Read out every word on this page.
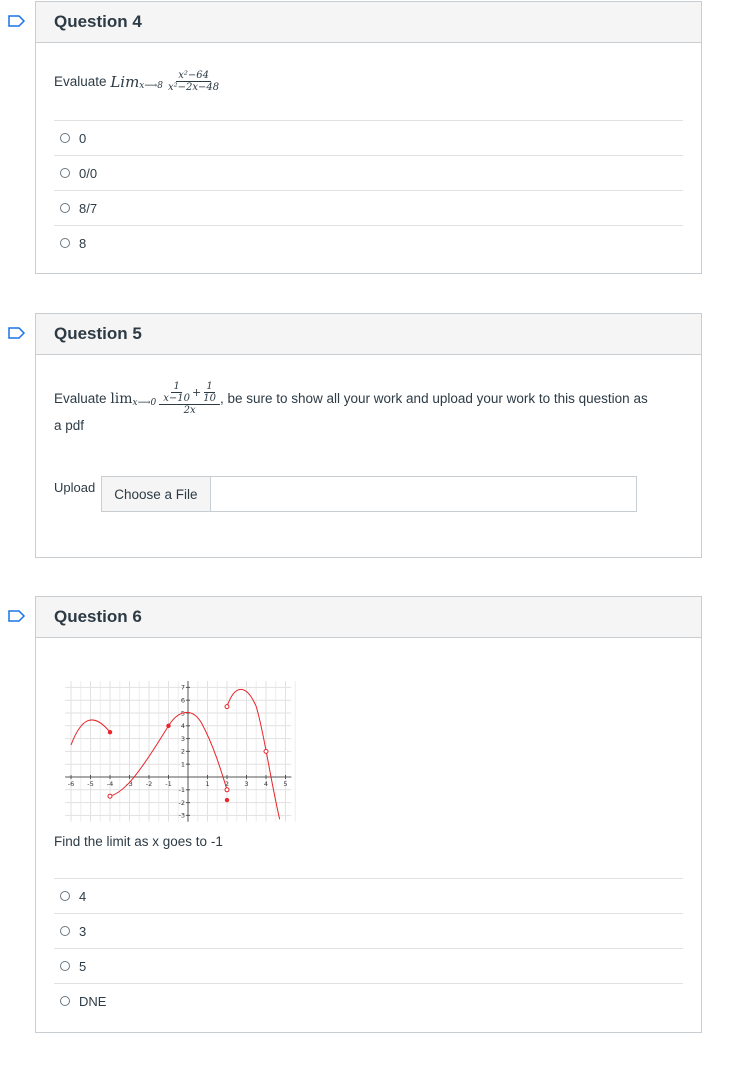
Question 4
Evaluate
Lim x⟶8 $\frac{\text{x²−64}}{\text{x²−2x−48}}$
0
0/0
8/7
8
Question 5
Evaluate
lim x⟶0 $\frac{\frac{1}{x-10} + \frac{1}{10}}{2x}$ , be sure to show all your work and upload your work to this question as
a pdf
Upload	Choose a File
Question 6
-6 -5 -4 -3 -2 -1	1 2 3 4 5
7
6
5
4
3
2
1
-1
-2
-3
Find the limit as x goes to -1
4
3
5
DNE
